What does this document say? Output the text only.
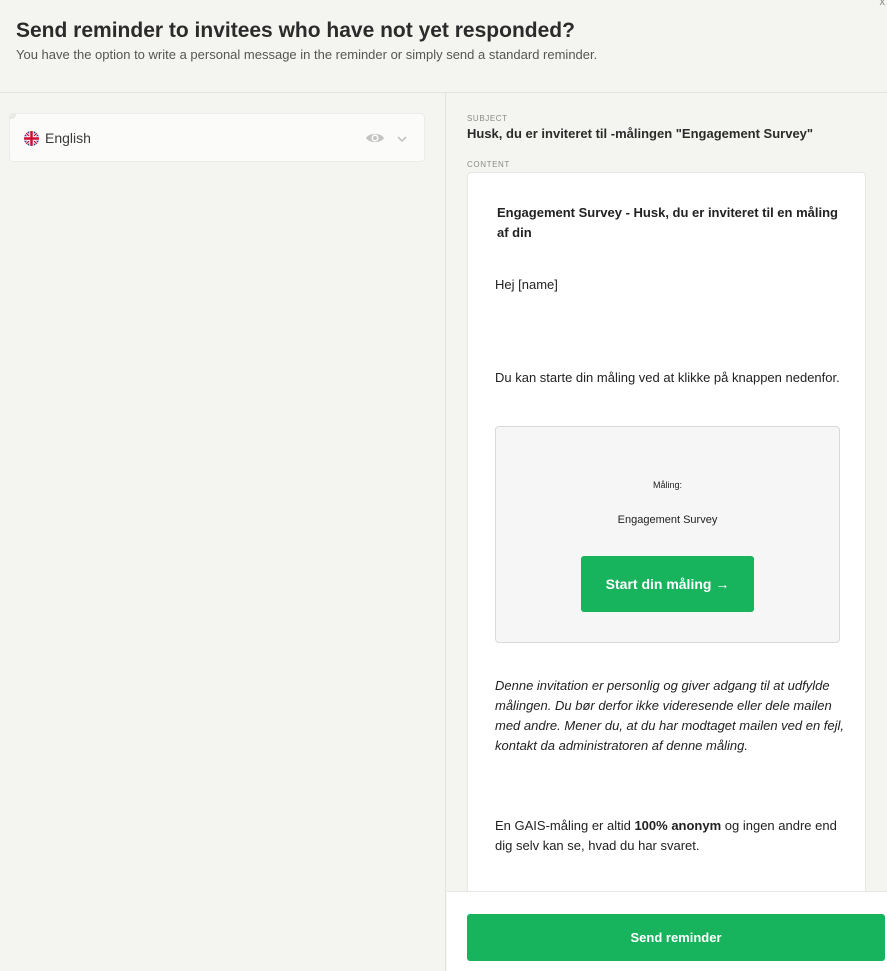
Send reminder to invitees who have not yet responded?

You have the option to write a personal message in the reminder or simply send a standard reminder.

x
English
SUBJECT
Husk, du er inviteret til -målingen "Engagement Survey"
CONTENT
Engagement Survey - Husk, du er inviteret til en måling af din
Hej [name]
Du kan starte din måling ved at klikke på knappen nedenfor.
Måling:
Engagement Survey
Start din måling →
Denne invitation er personlig og giver adgang til at udfylde målingen. Du bør derfor ikke videresende eller dele mailen med andre. Mener du, at du har modtaget mailen ved en fejl, kontakt da administratoren af denne måling.
En GAIS-måling er altid 100% anonym og ingen andre end dig selv kan se, hvad du har svaret.
Send reminder
